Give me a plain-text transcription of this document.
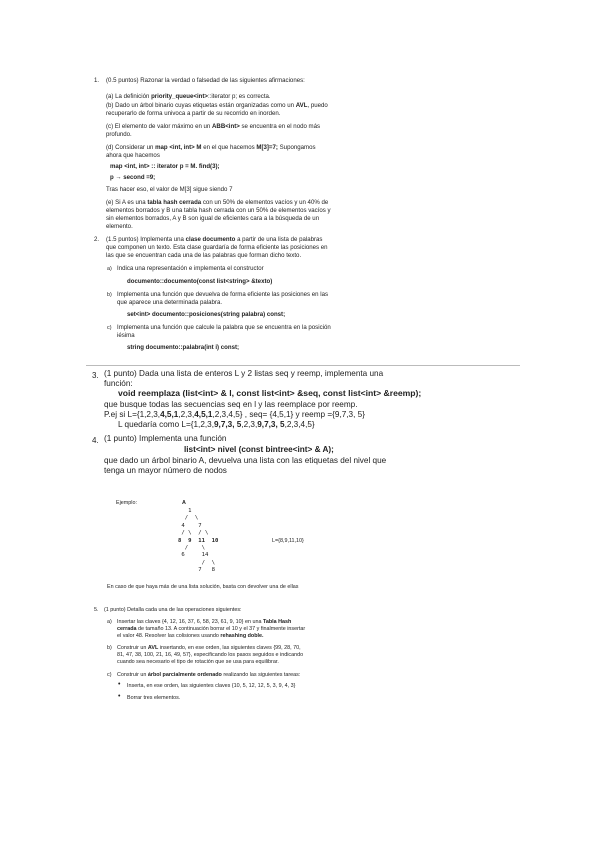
1. (0.5 puntos) Razonar la verdad o falsedad de las siguientes afirmaciones:
(a) La definición priority_queue<int>::iterator p; es correcta.
(b) Dado un árbol binario cuyas etiquetas están organizadas como un AVL, puedo
recuperarlo de forma univoca a partir de su recorrido en inorden.
(c) El elemento de valor máximo en un ABB<int> se encuentra en el nodo más
profundo.
(d) Considerar un map <int, int> M en el que hacemos M[3]=7; Supongamos
ahora que hacemos
map <int, int> :: iterator p = M. find(3);
p → second =9;
Tras hacer eso, el valor de M[3] sigue siendo 7
(e) Si A es una tabla hash cerrada con un 50% de elementos vacíos y un 40% de
elementos borrados y B una tabla hash cerrada con un 50% de elementos vacíos y
sin elementos borrados, A y B son igual de eficientes cara a la búsqueda de un
elemento.
2. (1.5 puntos) Implementa una clase documento a partir de una lista de palabras
que componen un texto. Esta clase guardaría de forma eficiente las posiciones en
las que se encuentran cada una de las palabras que forman dicho texto.
a) Indica una representación e implementa el constructor
documento::documento(const list<string> &texto)
b) Implementa una función que devuelva de forma eficiente las posiciones en las
que aparece una determinada palabra.
set<int> documento::posiciones(string palabra) const;
c) Implementa una función que calcule la palabra que se encuentra en la posición
iésima
string documento::palabra(int i) const;
3. (1 punto) Dada una lista de enteros L y 2 listas seq y reemp, implementa una
función:
void reemplaza (list<int> & l, const list<int> &seq, const list<int> &reemp);
que busque todas las secuencias seq en l y las reemplace por reemp.
P.ej si L={1,2,3,4,5,1,2,3,4,5,1,2,3,4,5} , seq= {4,5,1} y reemp ={9,7,3, 5}
L quedaría como L={1,2,3,9,7,3, 5,2,3,9,7,3, 5,2,3,4,5}
4. (1 punto) Implementa una función
list<int> nivel (const bintree<int> & A);
que dado un árbol binario A, devuelva una lista con las etiquetas del nivel que
tenga un mayor número de nodos
Ejemplo:	A
1
/  \
4    7
/ \  / \
8  9  11  10
/    \
6     14
/  \
7   8
L={8,9,11,10}
En caso de que haya más de una lista solución, basta con devolver una de ellas
5. (1 punto) Detalla cada una de las operaciones siguientes:
a) Insertar las claves {4, 12, 16, 37, 6, 58, 23, 61, 9, 10} en una Tabla Hash
cerrada de tamaño 13. A continuación borrar el 10 y el 37 y finalmente insertar
el valor 48. Resolver las colisiones usando rehashing doble.
b) Construir un AVL insertando, en ese orden, las siguientes claves {99, 28, 70,
81, 47, 38, 100, 21, 16, 49, 57}, especificando los pasos seguidos e indicando
cuando sea necesario el tipo de rotación que se usa para equilibrar.
c) Construir un árbol parcialmente ordenado realizando las siguientes tareas:
• Inserta, en ese orden, las siguientes claves {10, 5, 12, 12, 5, 3, 9, 4, 3}
• Borrar tres elementos.
